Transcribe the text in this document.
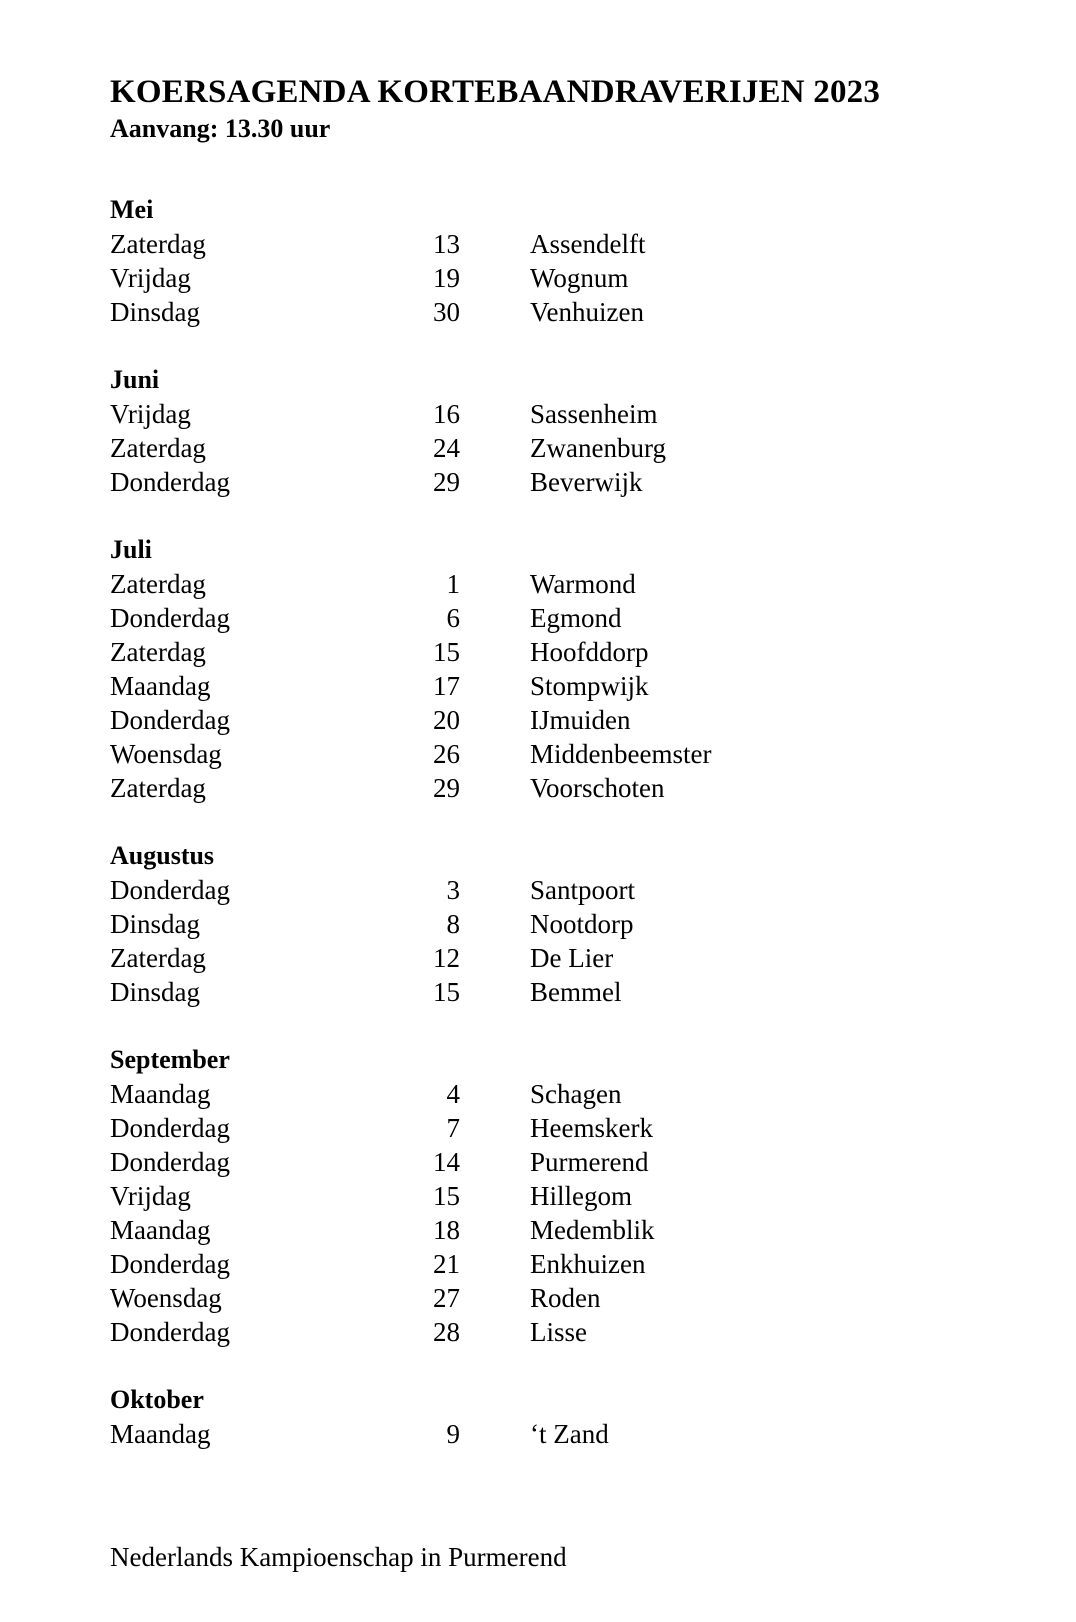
KOERSAGENDA KORTEBAANDRAVERIJEN 2023
Aanvang: 13.30 uur
Mei
Zaterdag	13	Assendelft
Vrijdag	19	Wognum
Dinsdag	30	Venhuizen
Juni
Vrijdag	16	Sassenheim
Zaterdag	24	Zwanenburg
Donderdag	29	Beverwijk
Juli
Zaterdag	1	Warmond
Donderdag	6	Egmond
Zaterdag	15	Hoofddorp
Maandag	17	Stompwijk
Donderdag	20	IJmuiden
Woensdag	26	Middenbeemster
Zaterdag	29	Voorschoten
Augustus
Donderdag	3	Santpoort
Dinsdag	8	Nootdorp
Zaterdag	12	De Lier
Dinsdag	15	Bemmel
September
Maandag	4	Schagen
Donderdag	7	Heemskerk
Donderdag	14	Purmerend
Vrijdag	15	Hillegom
Maandag	18	Medemblik
Donderdag	21	Enkhuizen
Woensdag	27	Roden
Donderdag	28	Lisse
Oktober
Maandag	9	‘t Zand
Nederlands Kampioenschap in Purmerend
